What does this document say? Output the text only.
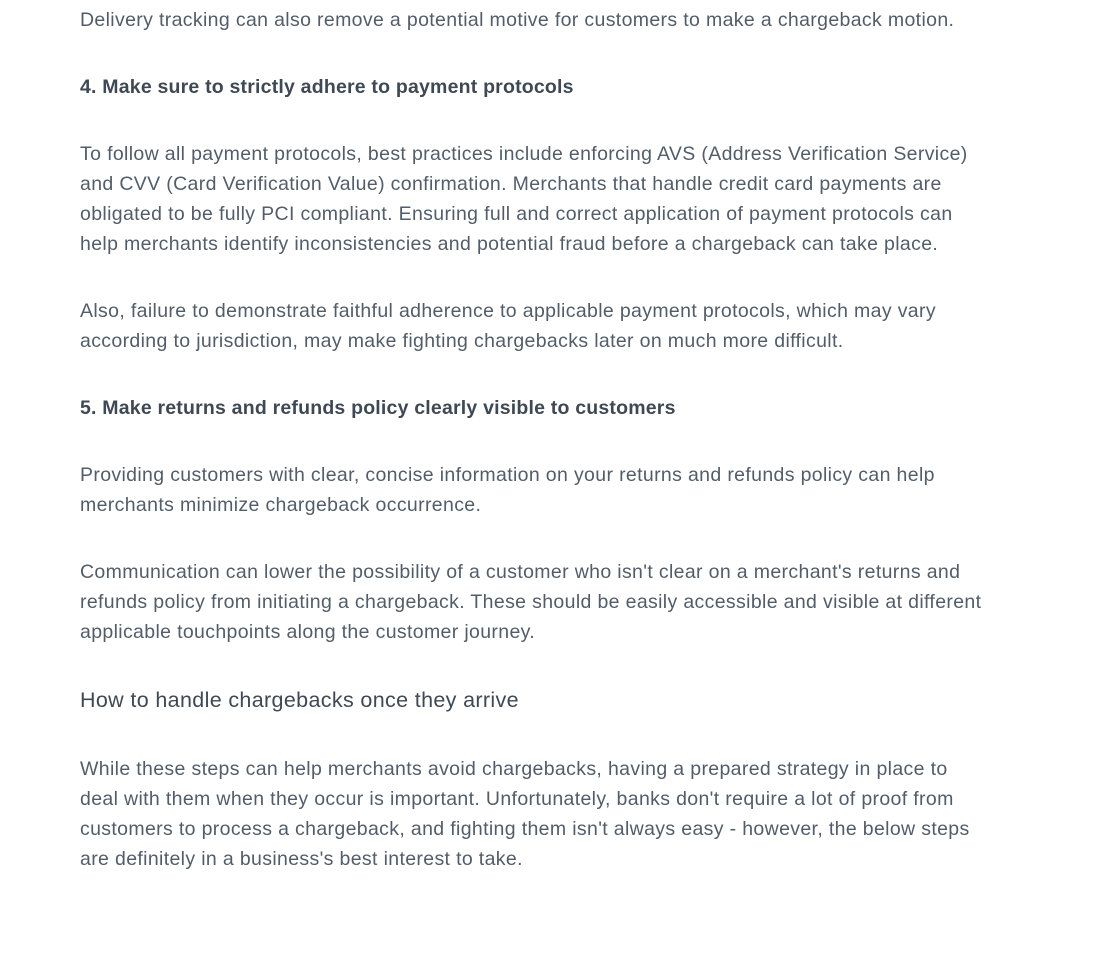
Delivery tracking can also remove a potential motive for customers to make a chargeback motion.

4. Make sure to strictly adhere to payment protocols

To follow all payment protocols, best practices include enforcing AVS (Address Verification Service) and CVV (Card Verification Value) confirmation. Merchants that handle credit card payments are obligated to be fully PCI compliant. Ensuring full and correct application of payment protocols can help merchants identify inconsistencies and potential fraud before a chargeback can take place.

Also, failure to demonstrate faithful adherence to applicable payment protocols, which may vary according to jurisdiction, may make fighting chargebacks later on much more difficult.

5. Make returns and refunds policy clearly visible to customers

Providing customers with clear, concise information on your returns and refunds policy can help merchants minimize chargeback occurrence.

Communication can lower the possibility of a customer who isn't clear on a merchant's returns and refunds policy from initiating a chargeback. These should be easily accessible and visible at different applicable touchpoints along the customer journey.

How to handle chargebacks once they arrive

While these steps can help merchants avoid chargebacks, having a prepared strategy in place to deal with them when they occur is important. Unfortunately, banks don't require a lot of proof from customers to process a chargeback, and fighting them isn't always easy - however, the below steps are definitely in a business's best interest to take.
